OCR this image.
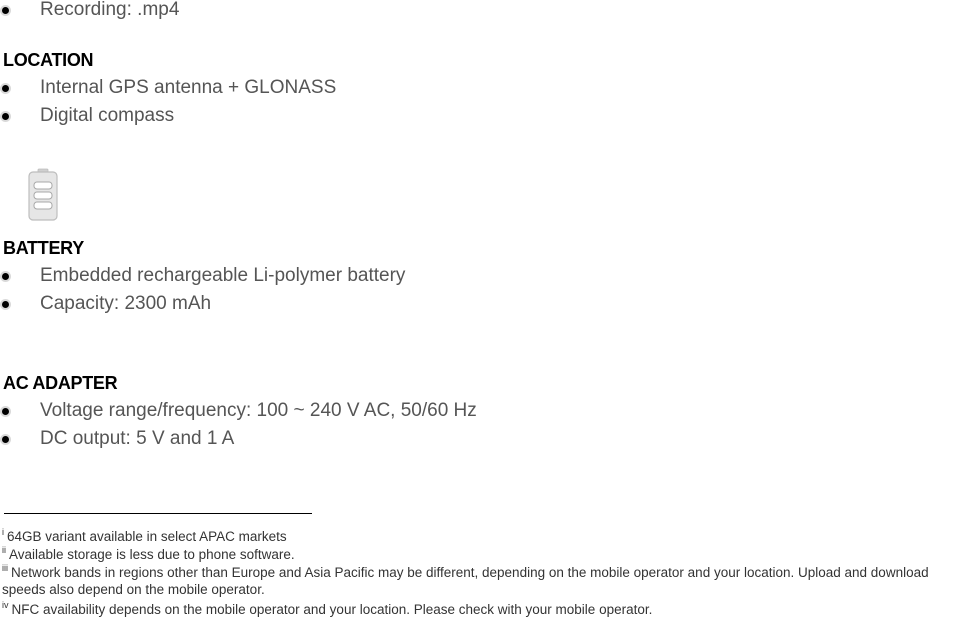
Recording: .mp4
LOCATION
Internal GPS antenna + GLONASS
Digital compass
BATTERY
Embedded rechargeable Li-polymer battery
Capacity: 2300 mAh
AC ADAPTER
Voltage range/frequency: 100 ~ 240 V AC, 50/60 Hz
DC output: 5 V and 1 A
$^i$ 64GB variant available in select APAC markets
$^{ii}$ Available storage is less due to phone software.
$^{iii}$ Network bands in regions other than Europe and Asia Pacific may be different, depending on the mobile operator and your location. Upload and download
speeds also depend on the mobile operator.
$^{iv}$ NFC availability depends on the mobile operator and your location. Please check with your mobile operator.
